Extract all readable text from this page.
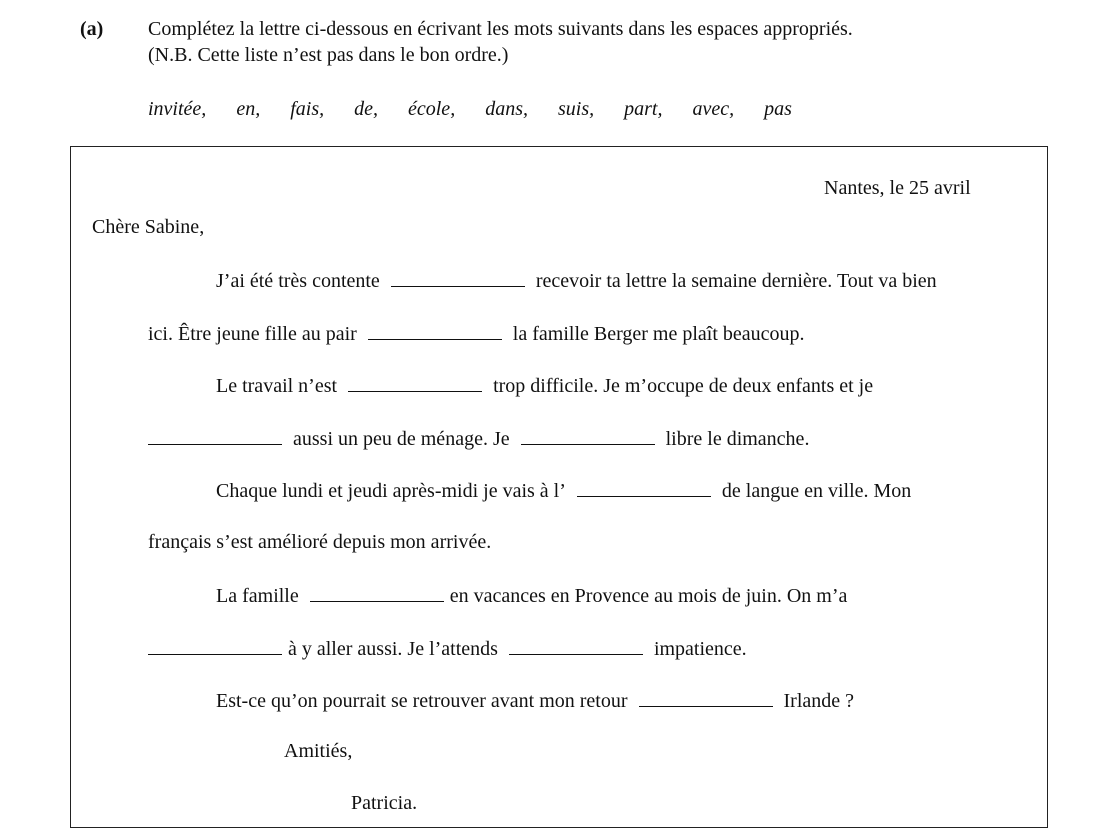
(a) Complétez la lettre ci-dessous en écrivant les mots suivants dans les espaces appropriés.
(N.B. Cette liste n’est pas dans le bon ordre.)
invitée, en, fais, de, école, dans, suis, part, avec, pas
Nantes, le 25 avril
Chère Sabine,
J’ai été très contente	recevoir ta lettre la semaine dernière. Tout va bien
ici. Être jeune fille au pair	la famille Berger me plaît beaucoup.
Le travail n’est	trop difficile. Je m’occupe de deux enfants et je
aussi un peu de ménage. Je	libre le dimanche.
Chaque lundi et jeudi après-midi je vais à l’	de langue en ville. Mon
français s’est amélioré depuis mon arrivée.
La famille	en vacances en Provence au mois de juin. On m’a
à y aller aussi. Je l’attends	impatience.
Est-ce qu’on pourrait se retrouver avant mon retour	Irlande ?
Amitiés,
Patricia.
